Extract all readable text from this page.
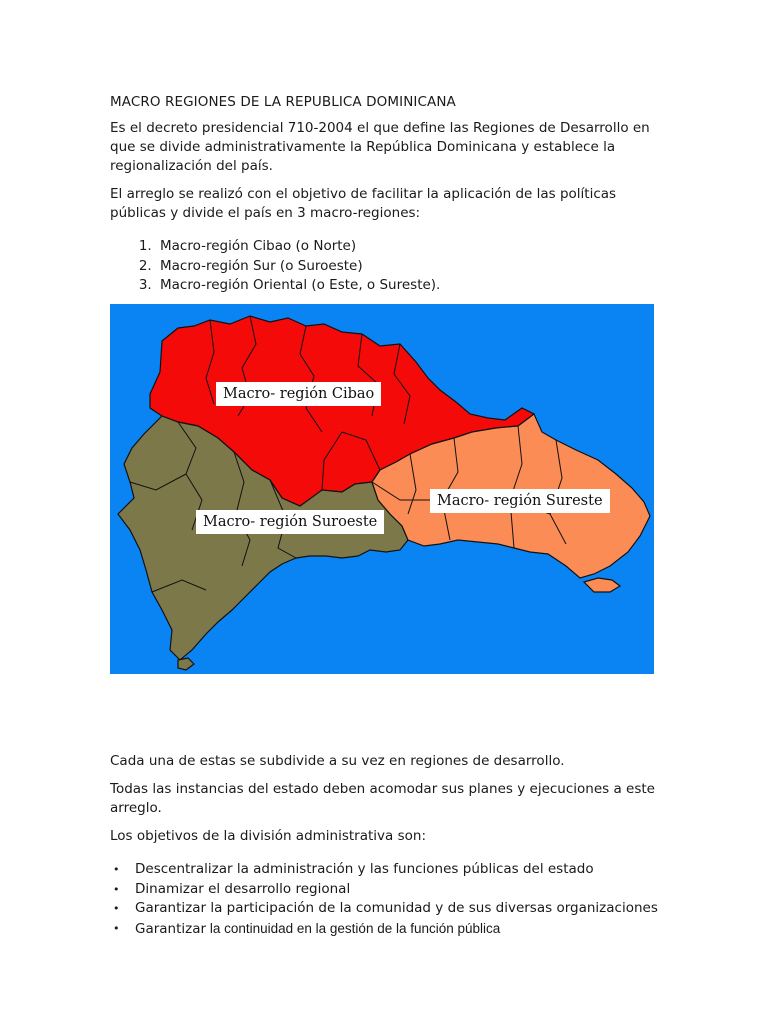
MACRO REGIONES DE LA REPUBLICA DOMINICANA

Es el decreto presidencial 710-2004 el que define las Regiones de Desarrollo en que se divide administrativamente la República Dominicana y establece la regionalización del país.

El arreglo se realizó con el objetivo de facilitar la aplicación de las políticas públicas y divide el país en 3 macro-regiones:

1. Macro-región Cibao (o Norte)
2. Macro-región Sur (o Suroeste)
3. Macro-región Oriental (o Este, o Sureste).
Macro- región Cibao
Macro- región Suroeste
Macro- región Sureste

Cada una de estas se subdivide a su vez en regiones de desarrollo.

Todas las instancias del estado deben acomodar sus planes y ejecuciones a este arreglo.

Los objetivos de la división administrativa son:

• Descentralizar la administración y las funciones públicas del estado
• Dinamizar el desarrollo regional
• Garantizar la participación de la comunidad y de sus diversas organizaciones
• Garantizar la continuidad en la gestión de la función pública
